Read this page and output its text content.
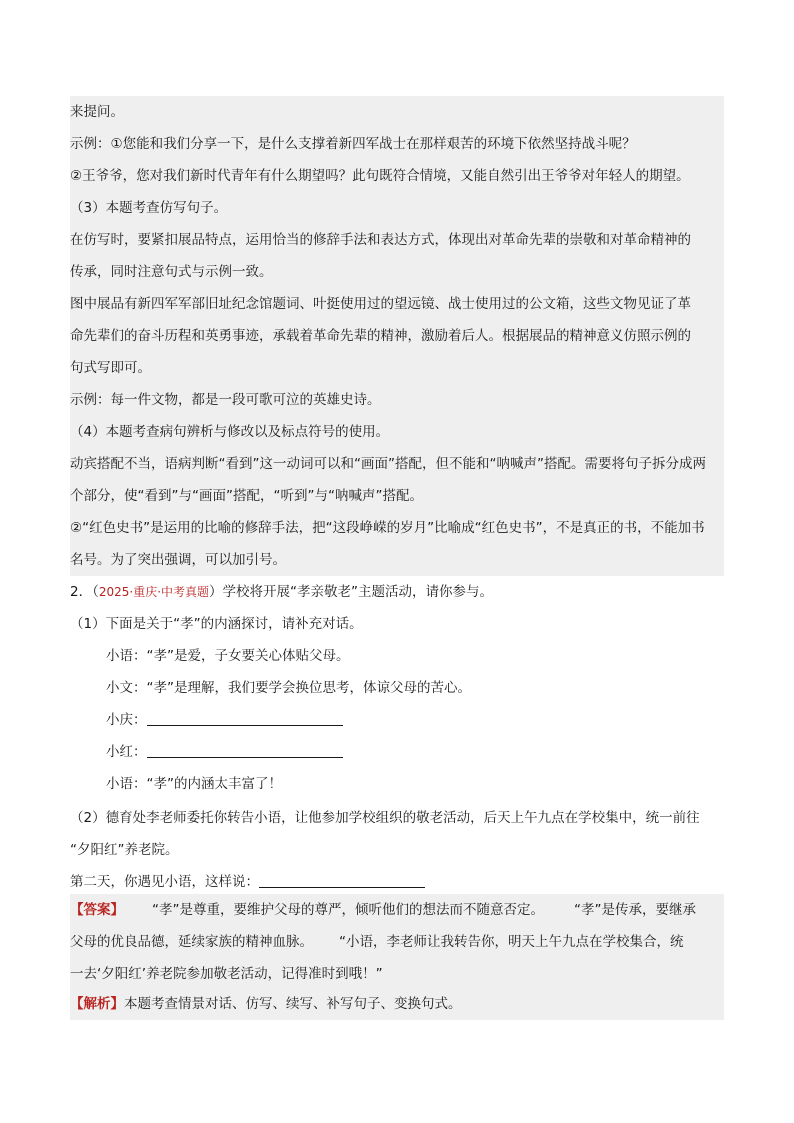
来提问。
示例：①您能和我们分享一下，是什么支撑着新四军战士在那样艰苦的环境下依然坚持战斗呢？
②王爷爷，您对我们新时代青年有什么期望吗？此句既符合情境，又能自然引出王爷爷对年轻人的期望。
（3）本题考查仿写句子。
在仿写时，要紧扣展品特点，运用恰当的修辞手法和表达方式，体现出对革命先辈的崇敬和对革命精神的
传承，同时注意句式与示例一致。
图中展品有新四军军部旧址纪念馆题词、叶挺使用过的望远镜、战士使用过的公文箱，这些文物见证了革
命先辈们的奋斗历程和英勇事迹，承载着革命先辈的精神，激励着后人。根据展品的精神意义仿照示例的
句式写即可。
示例：每一件文物，都是一段可歌可泣的英雄史诗。
（4）本题考查病句辨析与修改以及标点符号的使用。
动宾搭配不当，语病判断“看到”这一动词可以和“画面”搭配，但不能和“呐喊声”搭配。需要将句子拆分成两
个部分，使“看到”与“画面”搭配，“听到”与“呐喊声”搭配。
②“红色史书”是运用的比喻的修辞手法，把“这段峥嵘的岁月”比喻成“红色史书”，不是真正的书，不能加书
名号。为了突出强调，可以加引号。
2．（2025·重庆·中考真题）学校将开展“孝亲敬老”主题活动，请你参与。
（1）下面是关于“孝”的内涵探讨，请补充对话。
小语：“孝”是爱，子女要关心体贴父母。
小文：“孝”是理解，我们要学会换位思考，体谅父母的苦心。
小庆：
小红：
小语：“孝”的内涵太丰富了！
（2）德育处李老师委托你转告小语，让他参加学校组织的敬老活动，后天上午九点在学校集中，统一前往
“夕阳红”养老院。
第二天，你遇见小语，这样说：
【答案】 “孝”是尊重，要维护父母的尊严，倾听他们的想法而不随意否定。 “孝”是传承，要继承
父母的优良品德，延续家族的精神血脉。 “小语，李老师让我转告你，明天上午九点在学校集合，统
一去‘夕阳红’养老院参加敬老活动，记得准时到哦！”
【解析】本题考查情景对话、仿写、续写、补写句子、变换句式。
